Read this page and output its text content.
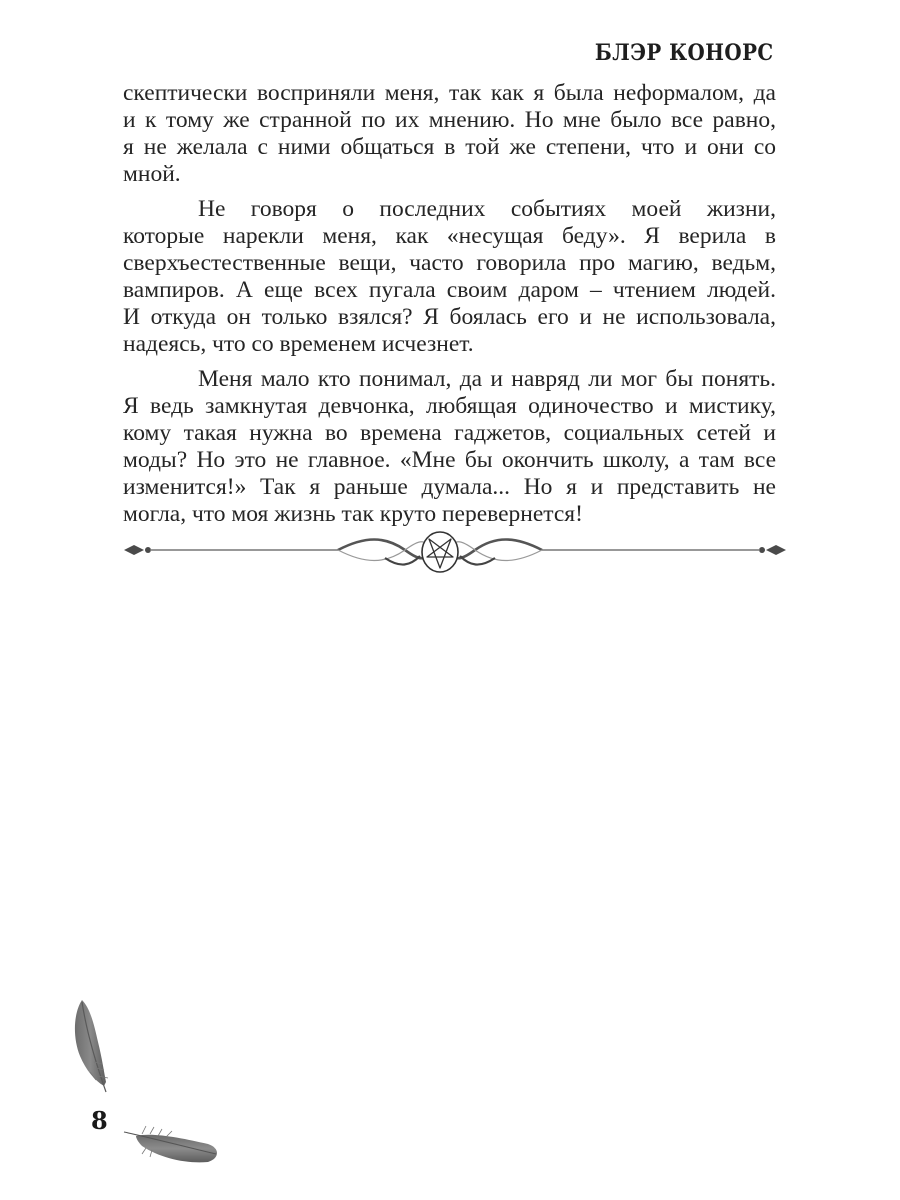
БЛЭР КОНОРС
скептически восприняли меня, так как я была неформалом, да
и к тому же странной по их мнению. Но мне было все равно,
я не желала с ними общаться в той же степени, что и они со
мной.
Не говоря о последних событиях моей жизни,
которые нарекли меня, как «несущая беду». Я верила в
сверхъестественные вещи, часто говорила про магию, ведьм,
вампиров. А еще всех пугала своим даром – чтением людей.
И откуда он только взялся? Я боялась его и не использовала,
надеясь, что со временем исчезнет.
Меня мало кто понимал, да и навряд ли мог бы понять.
Я ведь замкнутая девчонка, любящая одиночество и мистику,
кому такая нужна во времена гаджетов, социальных сетей и
моды? Но это не главное. «Мне бы окончить школу, а там все
изменится!» Так я раньше думала... Но я и представить не
могла, что моя жизнь так круто перевернется!
8
